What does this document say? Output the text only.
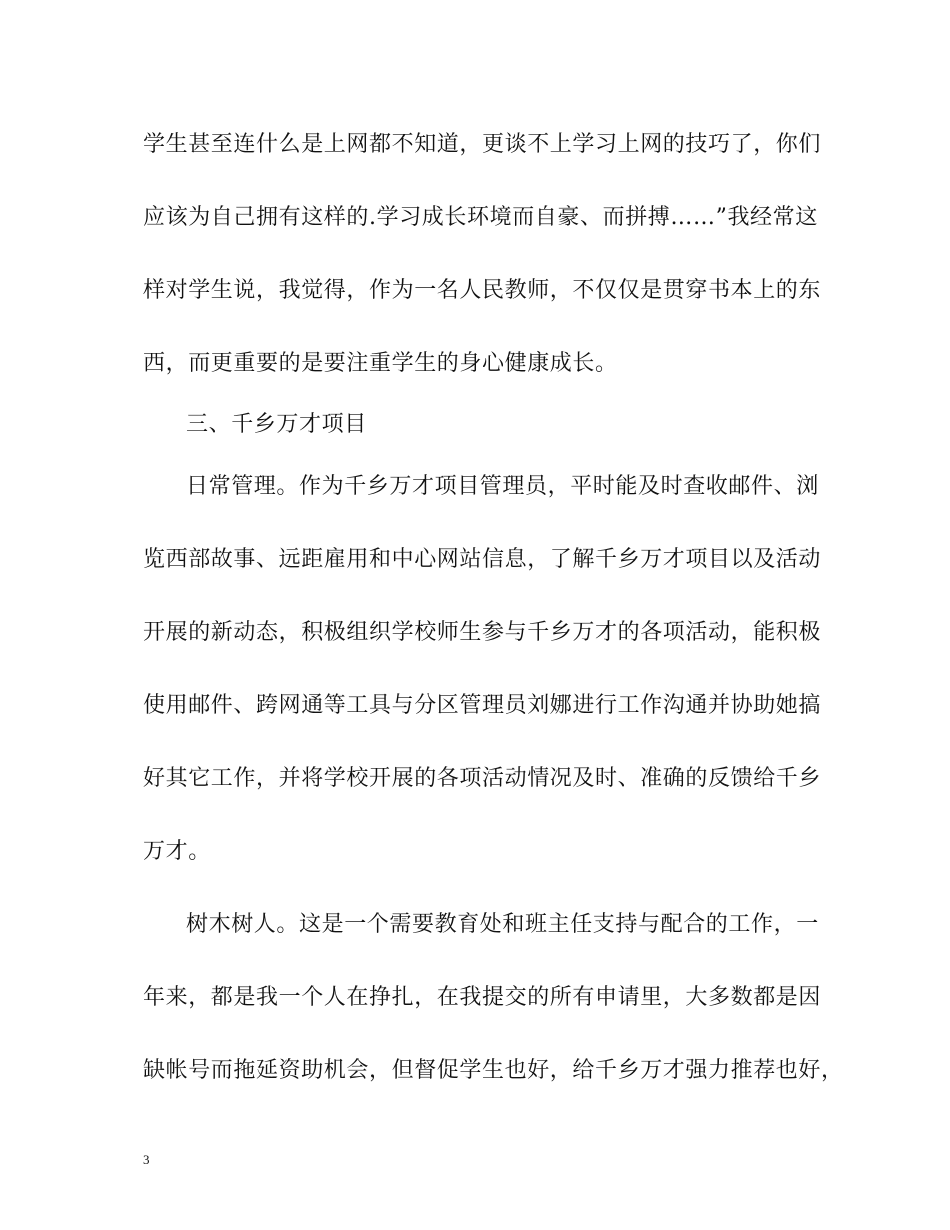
学生甚至连什么是上网都不知道，更谈不上学习上网的技巧了，你们
应该为自己拥有这样的.学习成长环境而自豪、而拼搏……”我经常这
样对学生说，我觉得，作为一名人民教师，不仅仅是贯穿书本上的东
西，而更重要的是要注重学生的身心健康成长。
三、千乡万才项目
日常管理。作为千乡万才项目管理员，平时能及时查收邮件、浏
览西部故事、远距雇用和中心网站信息，了解千乡万才项目以及活动
开展的新动态，积极组织学校师生参与千乡万才的各项活动，能积极
使用邮件、跨网通等工具与分区管理员刘娜进行工作沟通并协助她搞
好其它工作，并将学校开展的各项活动情况及时、准确的反馈给千乡
万才。
树木树人。这是一个需要教育处和班主任支持与配合的工作，一
年来，都是我一个人在挣扎，在我提交的所有申请里，大多数都是因
缺帐号而拖延资助机会，但督促学生也好，给千乡万才强力推荐也好，
3
